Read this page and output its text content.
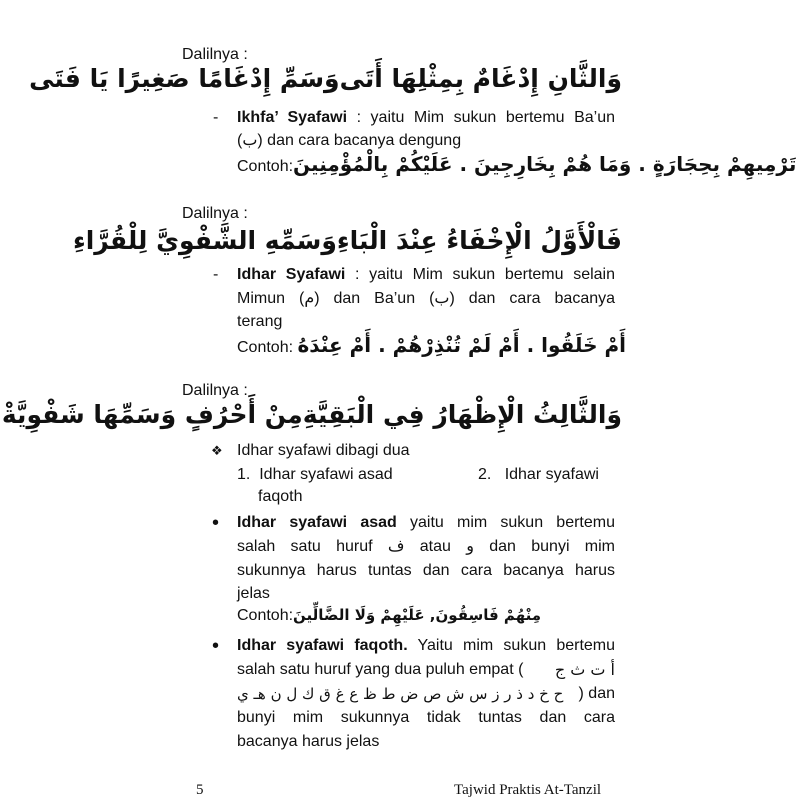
Dalilnya :
وَالثَّانِ إِدْغَامٌ بِمِثْلِهَا أَتَى
وَسَمِّ إِدْغَامًا صَغِيرًا يَا فَتَى
- Ikhfa’ Syafawi : yaitu Mim sukun bertemu Ba’un
(ب) dan cara bacanya dengung
Contoh:تَرْمِيهِمْ بِحِجَارَةٍ . وَمَا هُمْ بِخَارِجِينَ . عَلَيْكُمْ بِالْمُؤْمِنِينَ
Dalilnya :
فَالْأَوَّلُ الْإِخْفَاءُ عِنْدَ الْبَاءِ
وَسَمِّهِ الشَّفْوِيَّ لِلْقُرَّاءِ
- Idhar Syafawi : yaitu Mim sukun bertemu selain
Mimun (م) dan Ba’un (ب) dan cara bacanya
terang
Contoh: أَمْ خَلَقُوا . أَمْ لَمْ تُنْذِرْهُمْ . أَمْ عِنْدَهُ
Dalilnya :
وَالثَّالِثُ الْإِظْهَارُ فِي الْبَقِيَّةِ
مِنْ أَحْرُفٍ وَسَمِّهَا شَفْوِيَّةْ
❖ Idhar syafawi dibagi dua
1. Idhar syafawi asad	2. Idhar syafawi
faqoth
• Idhar syafawi asad yaitu mim sukun bertemu
salah satu huruf ف atau و dan bunyi mim
sukunnya harus tuntas dan cara bacanya harus
jelas
Contoh:مِنْهُمْ فَاسِقُونَ, عَلَيْهِمْ وَلَا الضَّالِّينَ
• Idhar syafawi faqoth. Yaitu mim sukun bertemu
salah satu huruf yang dua puluh empat ( أ ت ث ج
ح خ د ذ ر ز س ش ص ض ط ظ ع غ ق ك ل ن هـ ي ) dan
bunyi mim sukunnya tidak tuntas dan cara
bacanya harus jelas
5	Tajwid Praktis At-Tanzil
